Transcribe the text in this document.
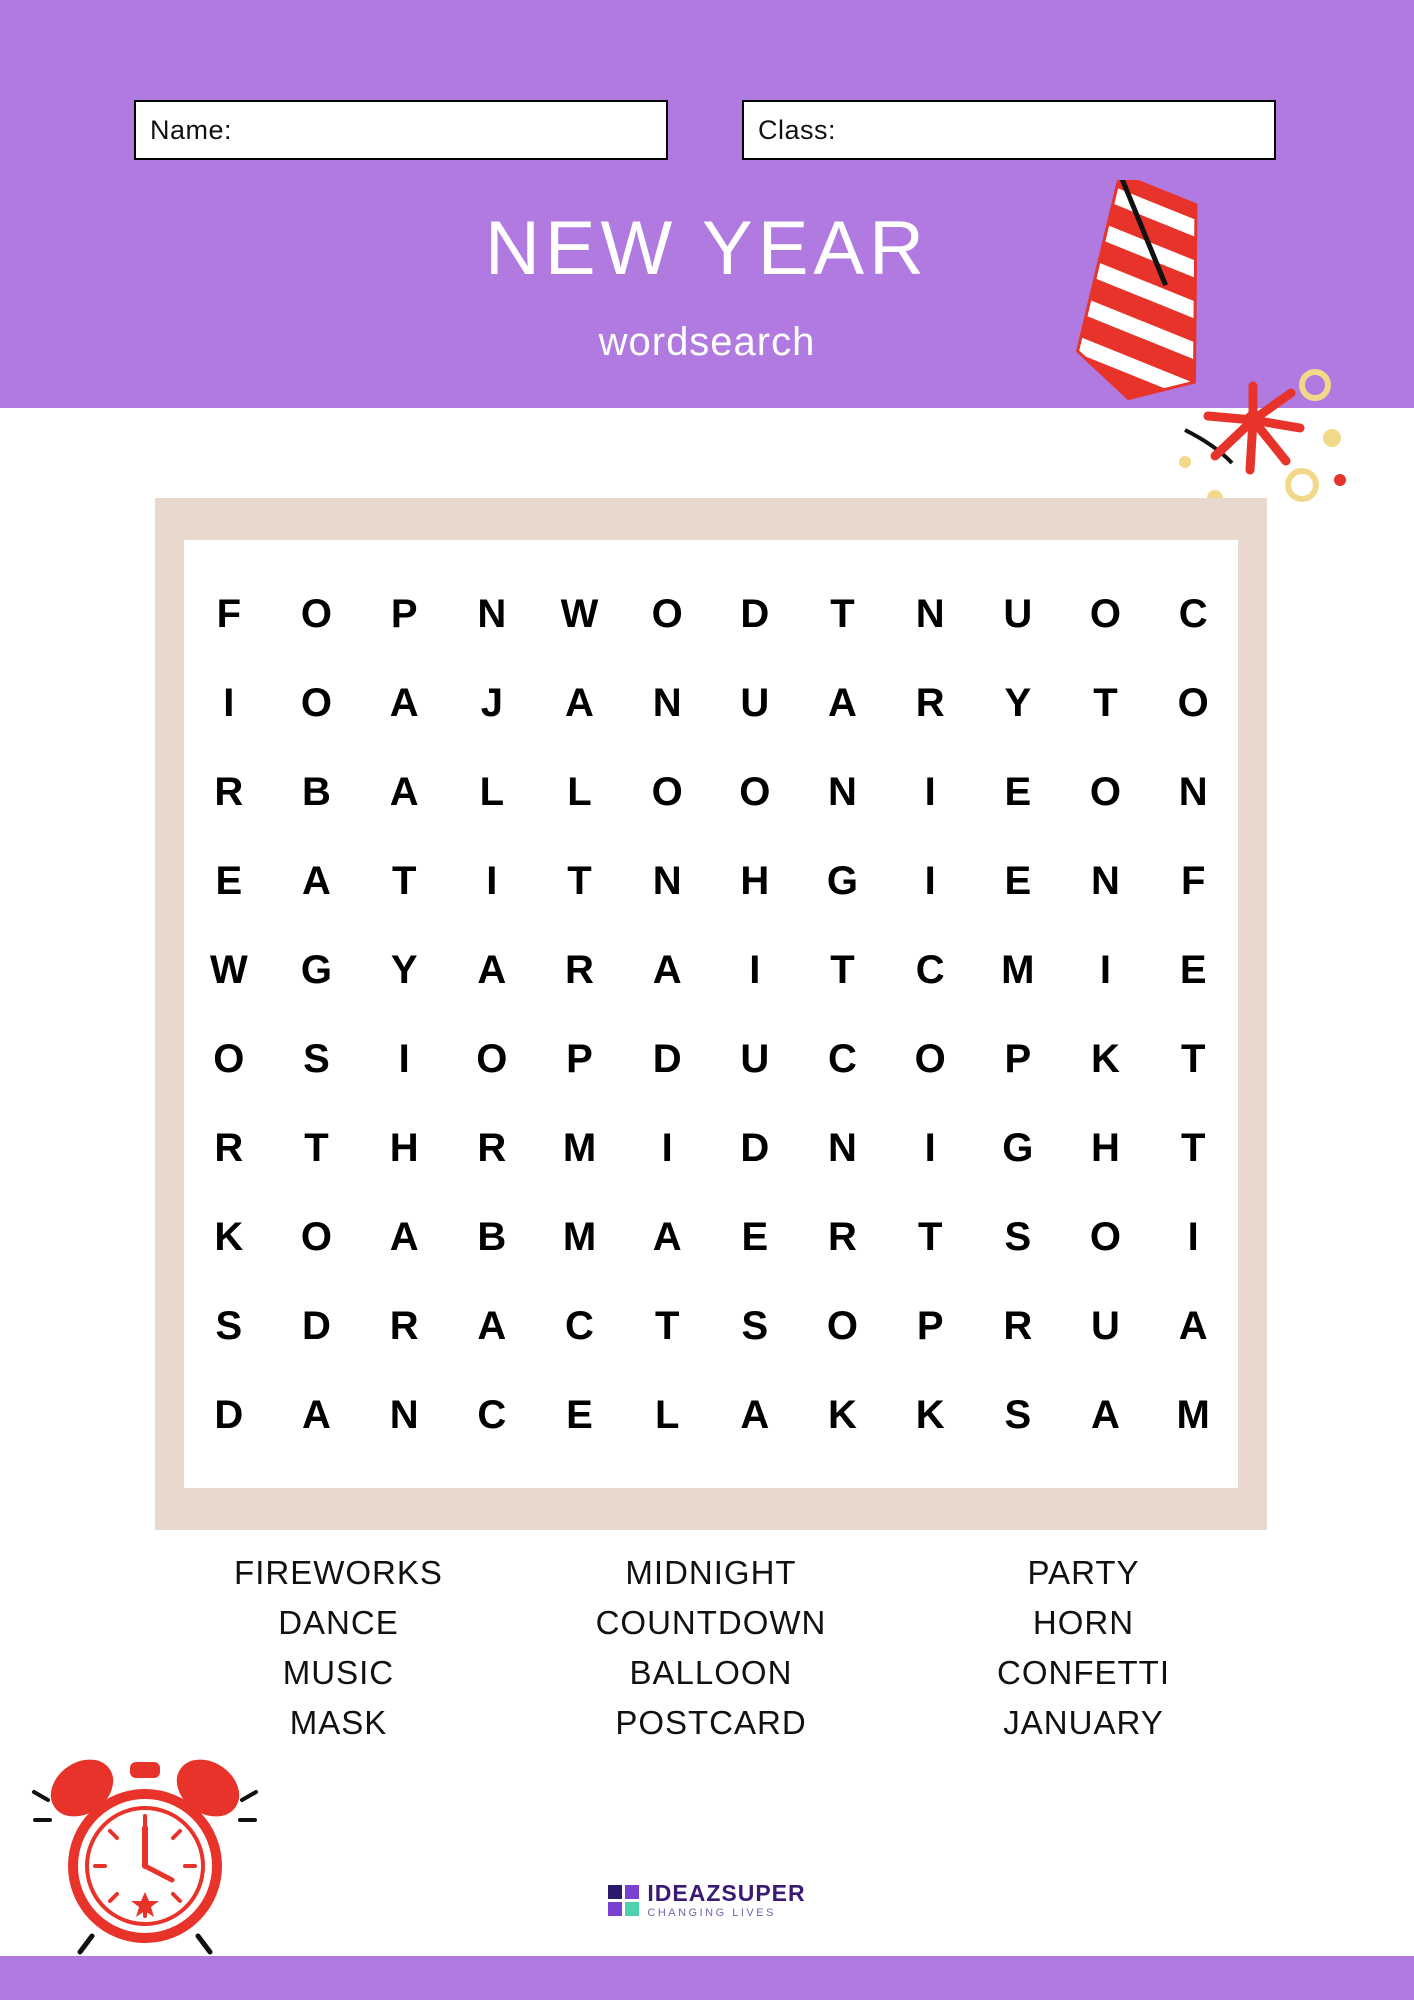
Name:	Class:
NEW YEAR
wordsearch
F	O	P	N	W	O	D	T	N	U	O	C
I	O	A	J	A	N	U	A	R	Y	T	O
R	B	A	L	L	O	O	N	I	E	O	N
E	A	T	I	T	N	H	G	I	E	N	F
W	G	Y	A	R	A	I	T	C	M	I	E
O	S	I	O	P	D	U	C	O	P	K	T
R	T	H	R	M	I	D	N	I	G	H	T
K	O	A	B	M	A	E	R	T	S	O	I
S	D	R	A	C	T	S	O	P	R	U	A
D	A	N	C	E	L	A	K	K	S	A	M
FIREWORKS
DANCE
MUSIC
MASK
MIDNIGHT
COUNTDOWN
BALLOON
POSTCARD
PARTY
HORN
CONFETTI
JANUARY
IDEAZSUPER
CHANGING LIVES
